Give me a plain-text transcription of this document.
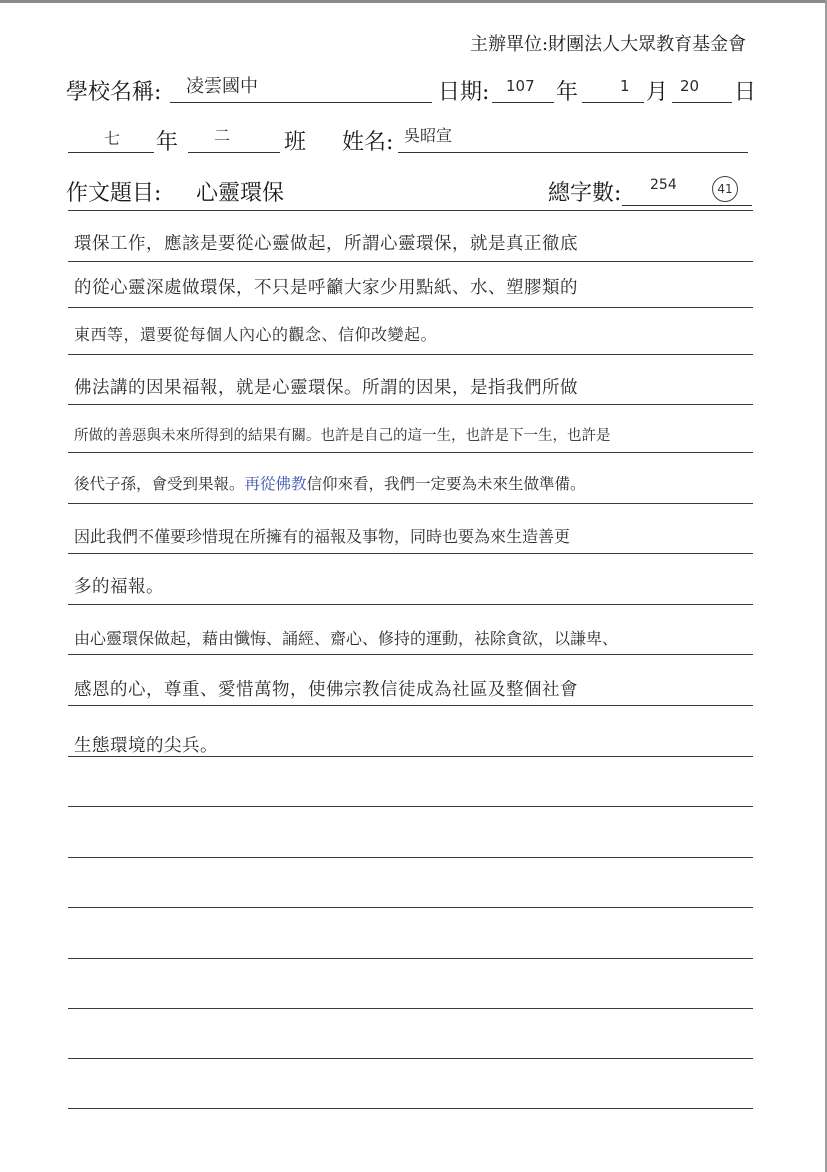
主辦單位:財團法人大眾教育基金會
學校名稱: 凌雲國中	日期: 107 年	1 月 20 日
七 年 二 班 姓名: 吳昭宣
作文題目: 心靈環保	總字數: 254	41
環保工作，應該是要從心靈做起，所謂心靈環保，就是真正徹底
的從心靈深處做環保，不只是呼籲大家少用點紙、水、塑膠類的
東西等，還要從每個人內心的觀念、信仰改變起。
佛法講的因果福報，就是心靈環保。所謂的因果，是指我們所做
所做的善惡與未來所得到的結果有關。也許是自己的這一生，也許是下一生，也許是
後代子孫，會受到果報。再從佛教信仰來看，我們一定要為未來生做準備。
因此我們不僅要珍惜現在所擁有的福報及事物，同時也要為來生造善更
多的福報。
由心靈環保做起，藉由懺悔、誦經、齋心、修持的運動，袪除貪欲，以謙卑、
感恩的心，尊重、愛惜萬物，使佛宗教信徒成為社區及整個社會
生態環境的尖兵。
